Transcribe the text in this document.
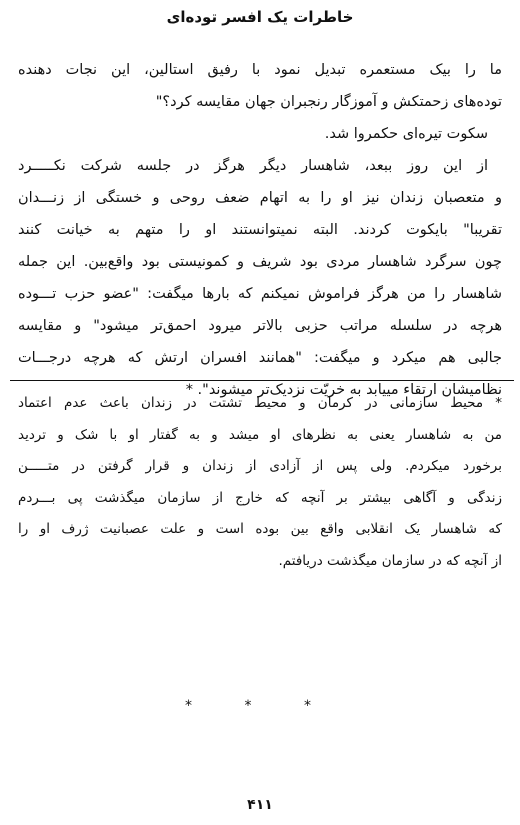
خاطرات یک افسر توده‌ای
ما را بیک مستعمره تبدیل نمود با رفیق استالین، این نجات دهنده
توده‌های زحمتکش و آموزگار رنجبران جهان مقایسه کرد؟"
سکوت تیره‌ای حکمروا شد.
از این روز ببعد، شاهسار دیگر هرگز در جلسه شرکت نکـــــرد
و متعصبان زندان نیز او را به اتهام ضعف روحی و خستگی از زنـــدان
تقریبا" بایکوت کردند. البته نمیتوانستند او را متهم به خیانت کنند
چون سرگرد شاهسار مردی بود شریف و کمونیستی بود واقع‌بین. این جمله
شاهسار را من هرگز فراموش نمیکنم که بارها میگفت: "عضو حزب تـــوده
هرچه در سلسله مراتب حزبی بالاتر میرود احمق‌تر میشود" و مقایسه
جالبی هم میکرد و میگفت: "همانند افسران ارتش که هرچه درجـــات
نظامیشان ارتقاء مییابد به خریّت نزدیک‌تر میشوند". *
* محیط سازمانی در کرمان و محیط تشتت در زندان باعث عدم اعتماد
من به شاهسار یعنی به نظرهای او میشد و به گفتار او با شک و تردید
برخورد میکردم. ولی پس از آزادی از زندان و قرار گرفتن در متـــــن
زندگی و آگاهی بیشتر بر آنچه که خارج از سازمان میگذشت پی بـــردم
که شاهسار یک انقلابی واقع بین بوده است و علت عصبانیت ژرف او را
از آنچه که در سازمان میگذشت دریافتم.
* * *
۴۱۱
